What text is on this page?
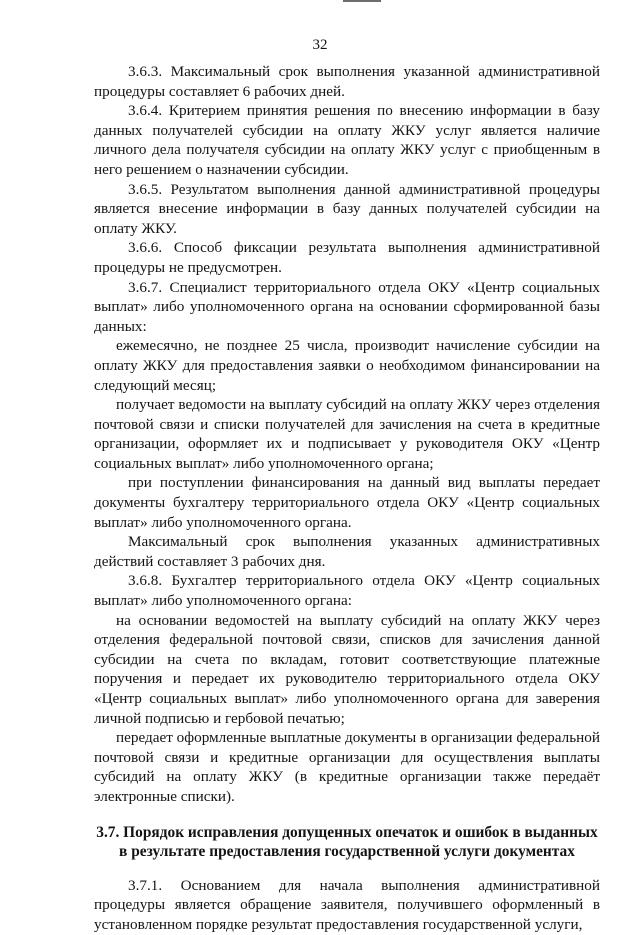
32

3.6.3. Максимальный срок выполнения указанной административной процедуры составляет 6 рабочих дней.

3.6.4. Критерием принятия решения по внесению информации в базу данных получателей субсидии на оплату ЖКУ услуг является наличие личного дела получателя субсидии на оплату ЖКУ услуг с приобщенным в него решением о назначении субсидии.

3.6.5. Результатом выполнения данной административной процедуры является внесение информации в базу данных получателей субсидии на оплату ЖКУ.

3.6.6. Способ фиксации результата выполнения административной процедуры не предусмотрен.

3.6.7. Специалист территориального отдела ОКУ «Центр социальных выплат» либо уполномоченного органа на основании сформированной базы данных:

ежемесячно, не позднее 25 числа, производит начисление субсидии на оплату ЖКУ для предоставления заявки о необходимом финансировании на следующий месяц;

получает ведомости на выплату субсидий на оплату ЖКУ через отделения почтовой связи и списки получателей для зачисления на счета в кредитные организации, оформляет их и подписывает у руководителя ОКУ «Центр социальных выплат» либо уполномоченного органа;

при поступлении финансирования на данный вид выплаты передает документы бухгалтеру территориального отдела ОКУ «Центр социальных выплат» либо уполномоченного органа.

Максимальный срок выполнения указанных административных действий составляет 3 рабочих дня.

3.6.8. Бухгалтер территориального отдела ОКУ «Центр социальных выплат» либо уполномоченного органа:

на основании ведомостей на выплату субсидий на оплату ЖКУ через отделения федеральной почтовой связи, списков для зачисления данной субсидии на счета по вкладам, готовит соответствующие платежные поручения и передает их руководителю территориального отдела ОКУ «Центр социальных выплат» либо уполномоченного органа для заверения личной подписью и гербовой печатью;

передает оформленные выплатные документы в организации федеральной почтовой связи и кредитные организации для осуществления выплаты субсидий на оплату ЖКУ (в кредитные организации также передаёт электронные списки).

3.7. Порядок исправления допущенных опечаток и ошибок в выданных в результате предоставления государственной услуги документах

3.7.1. Основанием для начала выполнения административной процедуры является обращение заявителя, получившего оформленный в установленном порядке результат предоставления государственной услуги,
